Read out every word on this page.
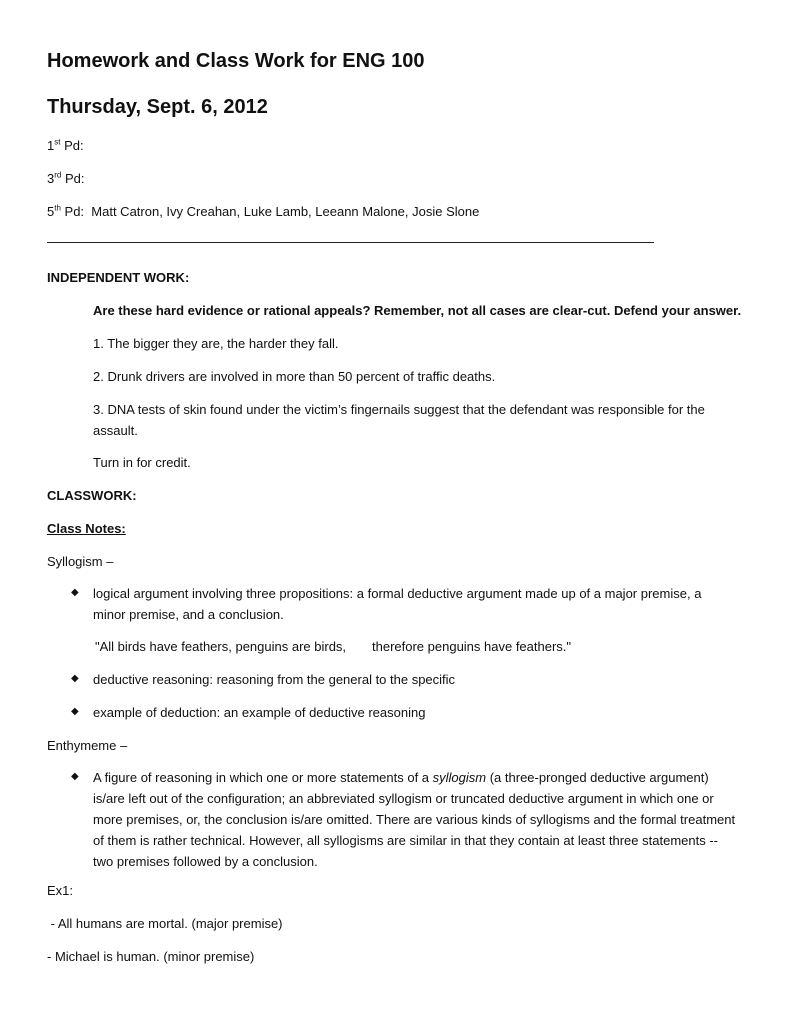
Homework and Class Work for ENG 100
Thursday, Sept. 6, 2012
1st Pd:
3rd Pd:
5th Pd: Matt Catron, Ivy Creahan, Luke Lamb, Leeann Malone, Josie Slone
INDEPENDENT WORK:
Are these hard evidence or rational appeals? Remember, not all cases are clear-cut. Defend your answer.
1. The bigger they are, the harder they fall.
2. Drunk drivers are involved in more than 50 percent of traffic deaths.
3. DNA tests of skin found under the victim’s fingernails suggest that the defendant was responsible for the
assault.
Turn in for credit.
CLASSWORK:
Class Notes:
Syllogism –
◆ logical argument involving three propositions: a formal deductive argument made up of a major premise, a
minor premise, and a conclusion.
"All birds have feathers, penguins are birds, therefore penguins have feathers."
◆ deductive reasoning: reasoning from the general to the specific
◆ example of deduction: an example of deductive reasoning
Enthymeme –
◆ A figure of reasoning in which one or more statements of a syllogism (a three-pronged deductive argument)
is/are left out of the configuration; an abbreviated syllogism or truncated deductive argument in which one or
more premises, or, the conclusion is/are omitted. There are various kinds of syllogisms and the formal treatment
of them is rather technical. However, all syllogisms are similar in that they contain at least three statements --
two premises followed by a conclusion.
Ex1:
- All humans are mortal. (major premise)
- Michael is human. (minor premise)
